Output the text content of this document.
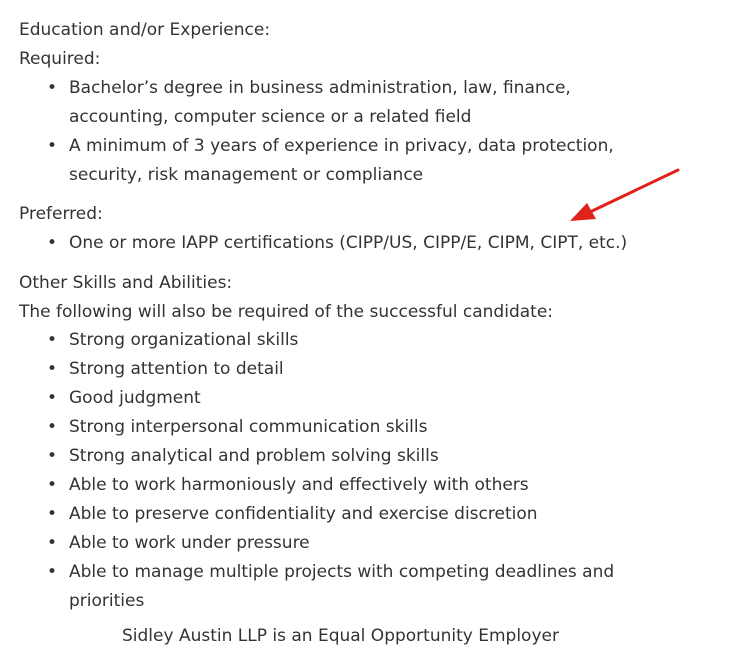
Education and/or Experience:
Required:
• Bachelor’s degree in business administration, law, finance, accounting, computer science or a related field
• A minimum of 3 years of experience in privacy, data protection, security, risk management or compliance
Preferred:
• One or more IAPP certifications (CIPP/US, CIPP/E, CIPM, CIPT, etc.)
Other Skills and Abilities:
The following will also be required of the successful candidate:
• Strong organizational skills
• Strong attention to detail
• Good judgment
• Strong interpersonal communication skills
• Strong analytical and problem solving skills
• Able to work harmoniously and effectively with others
• Able to preserve confidentiality and exercise discretion
• Able to work under pressure
• Able to manage multiple projects with competing deadlines and priorities
Sidley Austin LLP is an Equal Opportunity Employer
